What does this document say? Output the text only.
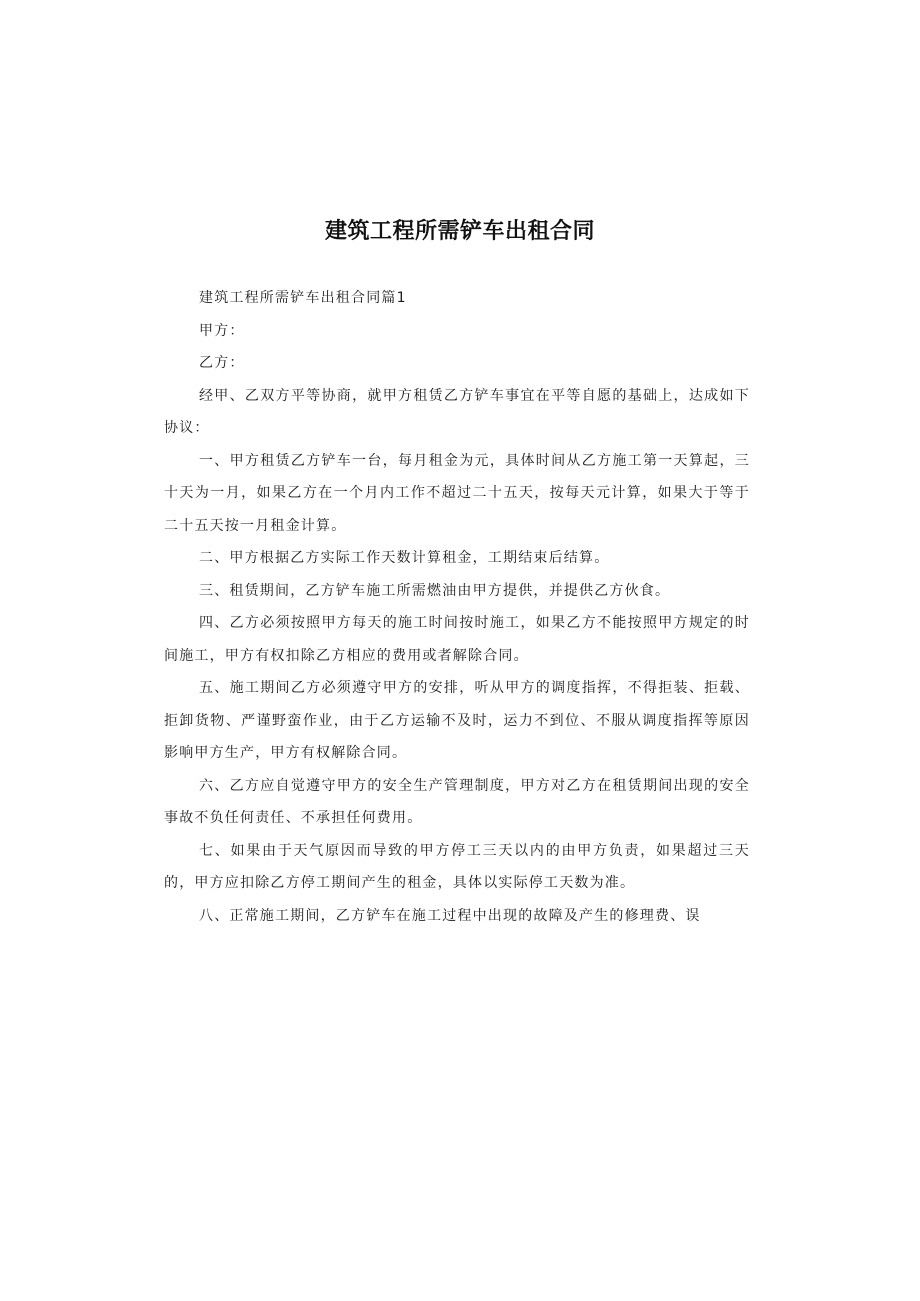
建筑工程所需铲车出租合同

建筑工程所需铲车出租合同篇1

甲方：

乙方：

经甲、乙双方平等协商，就甲方租赁乙方铲车事宜在平等自愿的基础上，达成如下协议：

一、甲方租赁乙方铲车一台，每月租金为元，具体时间从乙方施工第一天算起，三十天为一月，如果乙方在一个月内工作不超过二十五天，按每天元计算，如果大于等于二十五天按一月租金计算。

二、甲方根据乙方实际工作天数计算租金，工期结束后结算。

三、租赁期间，乙方铲车施工所需燃油由甲方提供，并提供乙方伙食。

四、乙方必须按照甲方每天的施工时间按时施工，如果乙方不能按照甲方规定的时间施工，甲方有权扣除乙方相应的费用或者解除合同。

五、施工期间乙方必须遵守甲方的安排，听从甲方的调度指挥，不得拒装、拒载、拒卸货物、严谨野蛮作业，由于乙方运输不及时，运力不到位、不服从调度指挥等原因影响甲方生产，甲方有权解除合同。

六、乙方应自觉遵守甲方的安全生产管理制度，甲方对乙方在租赁期间出现的安全事故不负任何责任、不承担任何费用。

七、如果由于天气原因而导致的甲方停工三天以内的由甲方负责，如果超过三天的，甲方应扣除乙方停工期间产生的租金，具体以实际停工天数为准。

八、正常施工期间，乙方铲车在施工过程中出现的故障及产生的修理费、误
